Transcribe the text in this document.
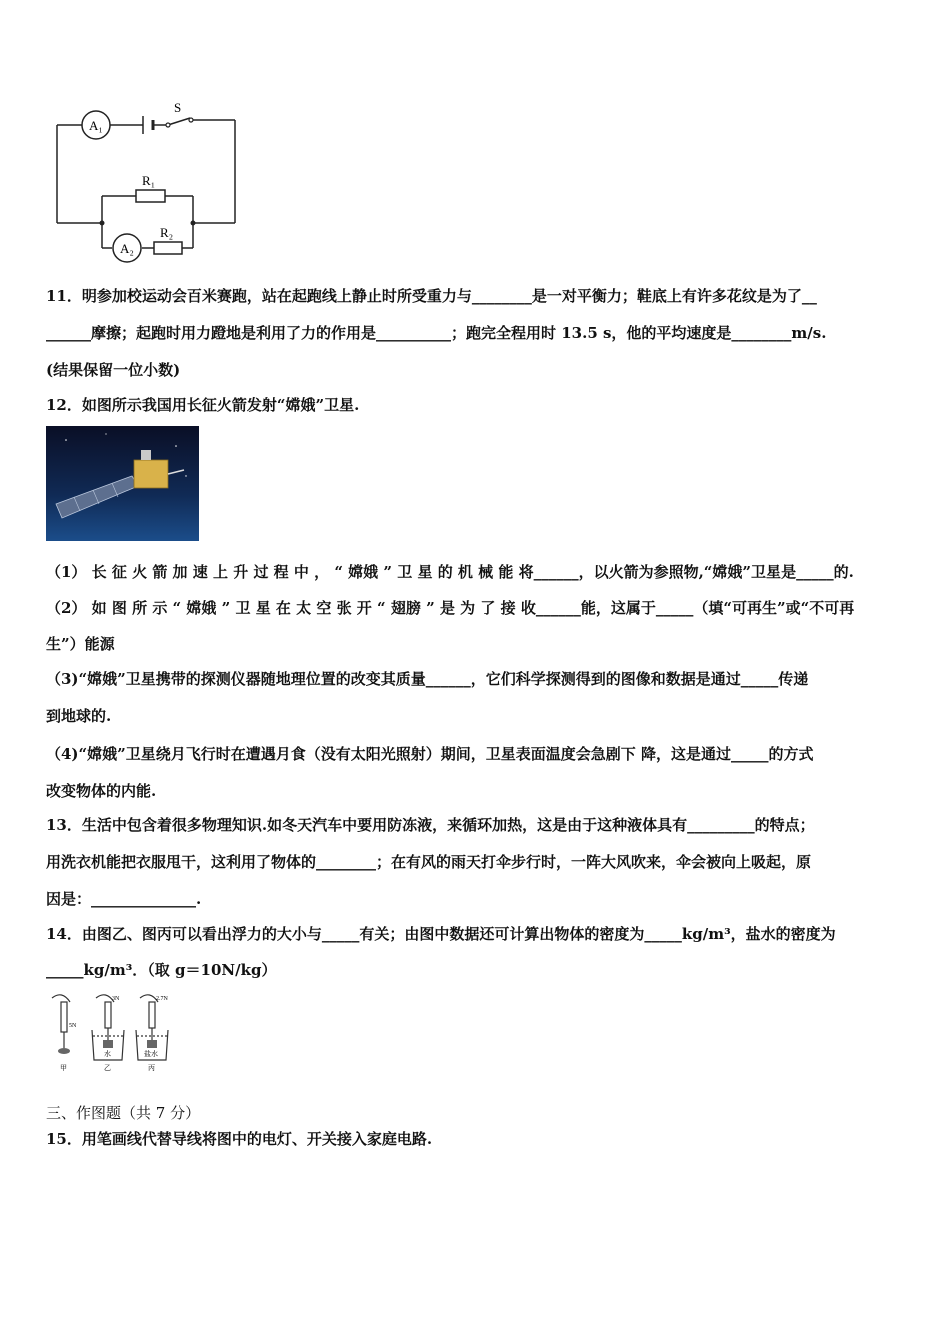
A₁
A₂
S
R₁
R₂
11．明参加校运动会百米赛跑，站在起跑线上静止时所受重力与________是一对平衡力；鞋底上有许多花纹是为了__
______摩擦；起跑时用力蹬地是利用了力的作用是__________；跑完全程用时 13.5 s，他的平均速度是________m/s.
(结果保留一位小数)
12．如图所示我国用长征火箭发射“嫦娥”卫星.
（1） 长 征 火 箭 加 速 上 升 过 程 中 ， “ 嫦娥 ” 卫 星 的 机 械 能 将______，以火箭为参照物,“嫦娥”卫星是_____的.
（2） 如 图 所 示 “ 嫦娥 ” 卫 星 在 太 空 张 开 “ 翅膀 ” 是 为 了 接 收______能，这属于_____（填“可再生”或“不可再
生”）能源
（3)“嫦娥”卫星携带的探测仪器随地理位置的改变其质量______，它们科学探测得到的图像和数据是通过_____传递
到地球的.
（4)“嫦娥”卫星绕月飞行时在遭遇月食（没有太阳光照射）期间，卫星表面温度会急剧下 降，这是通过_____的方式
改变物体的内能.
13．生活中包含着很多物理知识.如冬天汽车中要用防冻液，来循环加热，这是由于这种液体具有_________的特点；
用洗衣机能把衣服甩干，这利用了物体的________；在有风的雨天打伞步行时，一阵大风吹来，伞会被向上吸起，原
因是：______________.
14．由图乙、图丙可以看出浮力的大小与_____有关；由图中数据还可计算出物体的密度为_____kg/m³，盐水的密度为
_____kg/m³．（取 g＝10N/kg）
5N
3N	2.7N
水	盐水
甲	乙	丙
三、作图题（共 7 分）
15．用笔画线代替导线将图中的电灯、开关接入家庭电路.
